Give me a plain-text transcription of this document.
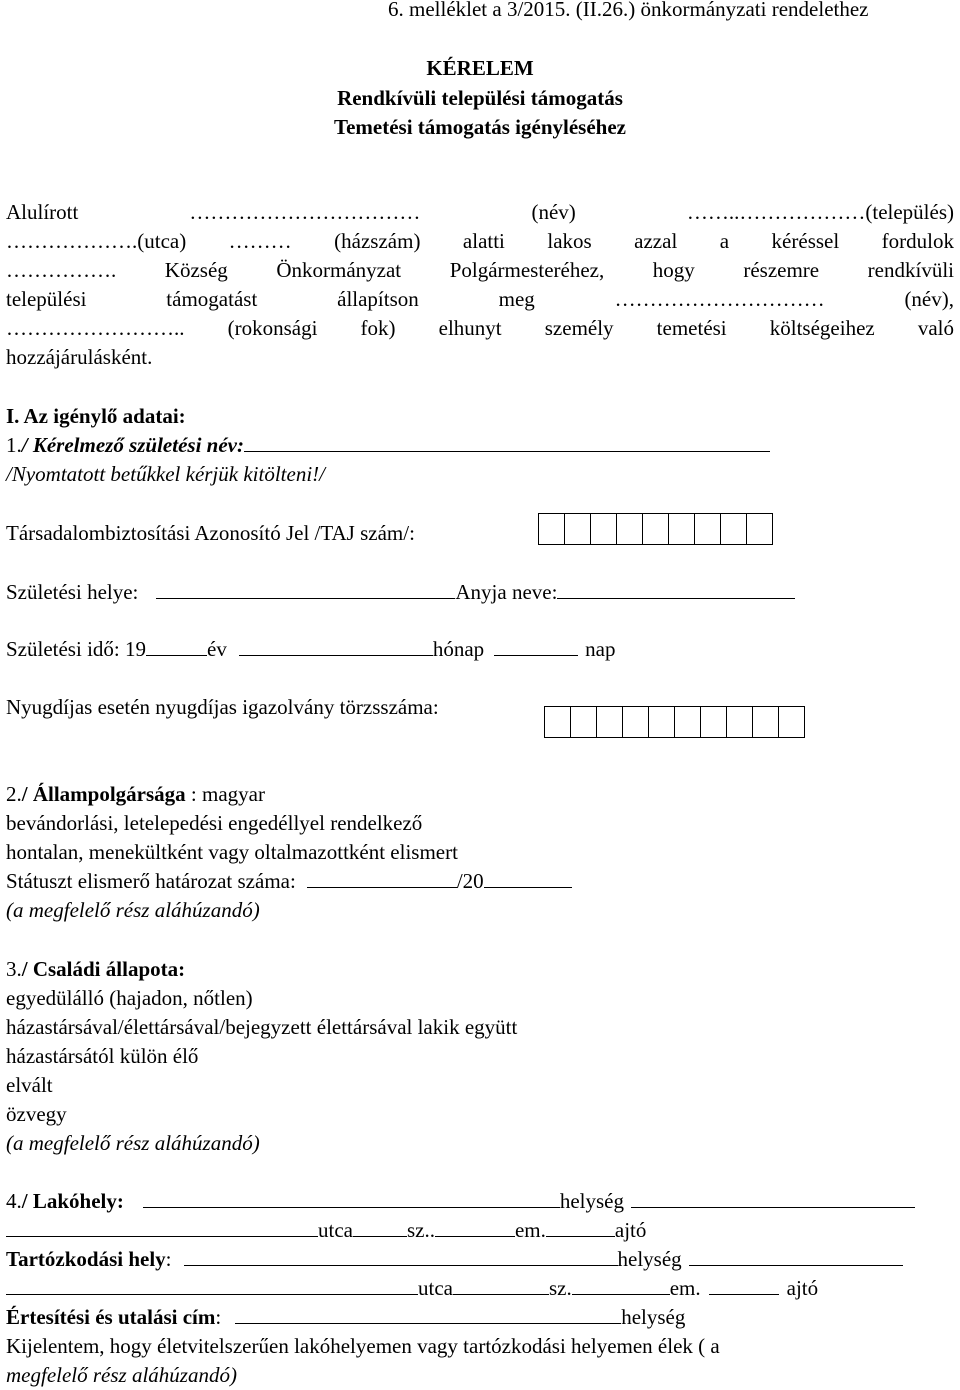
6. melléklet a 3/2015. (II.26.) önkormányzati rendelethez
KÉRELEM
Rendkívüli települési támogatás
Temetési támogatás igényléséhez
Alulírott …………………………… (név) ……..………………(település)
……………….(utca) ……… (házszám) alatti lakos azzal a kéréssel fordulok
……………. Község Önkormányzat Polgármesteréhez, hogy részemre rendkívüli
települési támogatást állapítson meg ………………………… (név),
…………………….. (rokonsági fok) elhunyt személy temetési költségeihez való
hozzájárulásként.
I. Az igénylő adatai:
1./ Kérelmező születési név:
/Nyomtatott betűkkel kérjük kitölteni!/
Társadalombiztosítási Azonosító Jel /TAJ szám/:
Születési helye:	Anyja neve:
Születési idő: 19	év	hónap	nap
Nyugdíjas esetén nyugdíjas igazolvány törzsszáma:
2./ Állampolgársága : magyar
bevándorlási, letelepedési engedéllyel rendelkező
hontalan, menekültként vagy oltalmazottként elismert
Státuszt elismerő határozat száma:	/20
(a megfelelő rész aláhúzandó)
3./ Családi állapota:
egyedülálló (hajadon, nőtlen)
házastársával/élettársával/bejegyzett élettársával lakik együtt
házastársától külön élő
elvált
özvegy
(a megfelelő rész aláhúzandó)
4./ Lakóhely:	helység
utca	sz..	em.	ajtó
Tartózkodási hely:	helység
utca	sz.	em.	ajtó
Értesítési és utalási cím:	helység
Kijelentem, hogy életvitelszerűen lakóhelyemen vagy tartózkodási helyemen élek ( a
megfelelő rész aláhúzandó)
